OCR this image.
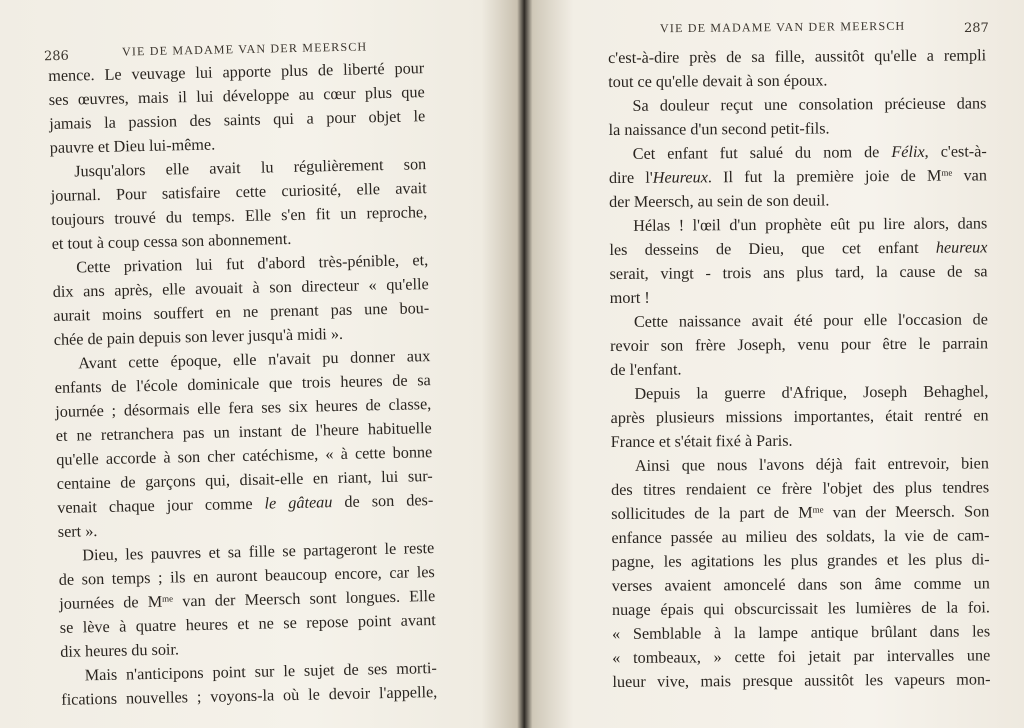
286	VIE DE MADAME VAN DER MEERSCH

mence. Le veuvage lui apporte plus de liberté pour
ses œuvres, mais il lui développe au cœur plus que
jamais la passion des saints qui a pour objet le
pauvre et Dieu lui-même.

Jusqu'alors elle avait lu régulièrement son
journal. Pour satisfaire cette curiosité, elle avait
toujours trouvé du temps. Elle s'en fit un reproche,
et tout à coup cessa son abonnement.

Cette privation lui fut d'abord très-pénible, et,
dix ans après, elle avouait à son directeur « qu'elle
aurait moins souffert en ne prenant pas une bou-
chée de pain depuis son lever jusqu'à midi ».

Avant cette époque, elle n'avait pu donner aux
enfants de l'école dominicale que trois heures de sa
journée ; désormais elle fera ses six heures de classe,
et ne retranchera pas un instant de l'heure habituelle
qu'elle accorde à son cher catéchisme, « à cette bonne
centaine de garçons qui, disait-elle en riant, lui sur-
venait chaque jour comme le gâteau de son des-
sert ».

Dieu, les pauvres et sa fille se partageront le reste
de son temps ; ils en auront beaucoup encore, car les
journées de $M^{me}$ van der Meersch sont longues. Elle
se lève à quatre heures et ne se repose point avant
dix heures du soir.

Mais n'anticipons point sur le sujet de ses morti-
fications nouvelles ; voyons-la où le devoir l'appelle,

VIE DE MADAME VAN DER MEERSCH	287

c'est-à-dire près de sa fille, aussitôt qu'elle a rempli
tout ce qu'elle devait à son époux.

Sa douleur reçut une consolation précieuse dans
la naissance d'un second petit-fils.

Cet enfant fut salué du nom de Félix, c'est-à-
dire l'Heureux. Il fut la première joie de $M^{me}$ van
der Meersch, au sein de son deuil.

Hélas ! l'œil d'un prophète eût pu lire alors, dans
les desseins de Dieu, que cet enfant heureux
serait, vingt - trois ans plus tard, la cause de sa
mort !

Cette naissance avait été pour elle l'occasion de
revoir son frère Joseph, venu pour être le parrain
de l'enfant.

Depuis la guerre d'Afrique, Joseph Behaghel,
après plusieurs missions importantes, était rentré en
France et s'était fixé à Paris.

Ainsi que nous l'avons déjà fait entrevoir, bien
des titres rendaient ce frère l'objet des plus tendres
sollicitudes de la part de $M^{me}$ van der Meersch. Son
enfance passée au milieu des soldats, la vie de cam-
pagne, les agitations les plus grandes et les plus di-
verses avaient amoncelé dans son âme comme un
nuage épais qui obscurcissait les lumières de la foi.
« Semblable à la lampe antique brûlant dans les
« tombeaux, » cette foi jetait par intervalles une
lueur vive, mais presque aussitôt les vapeurs mon-
